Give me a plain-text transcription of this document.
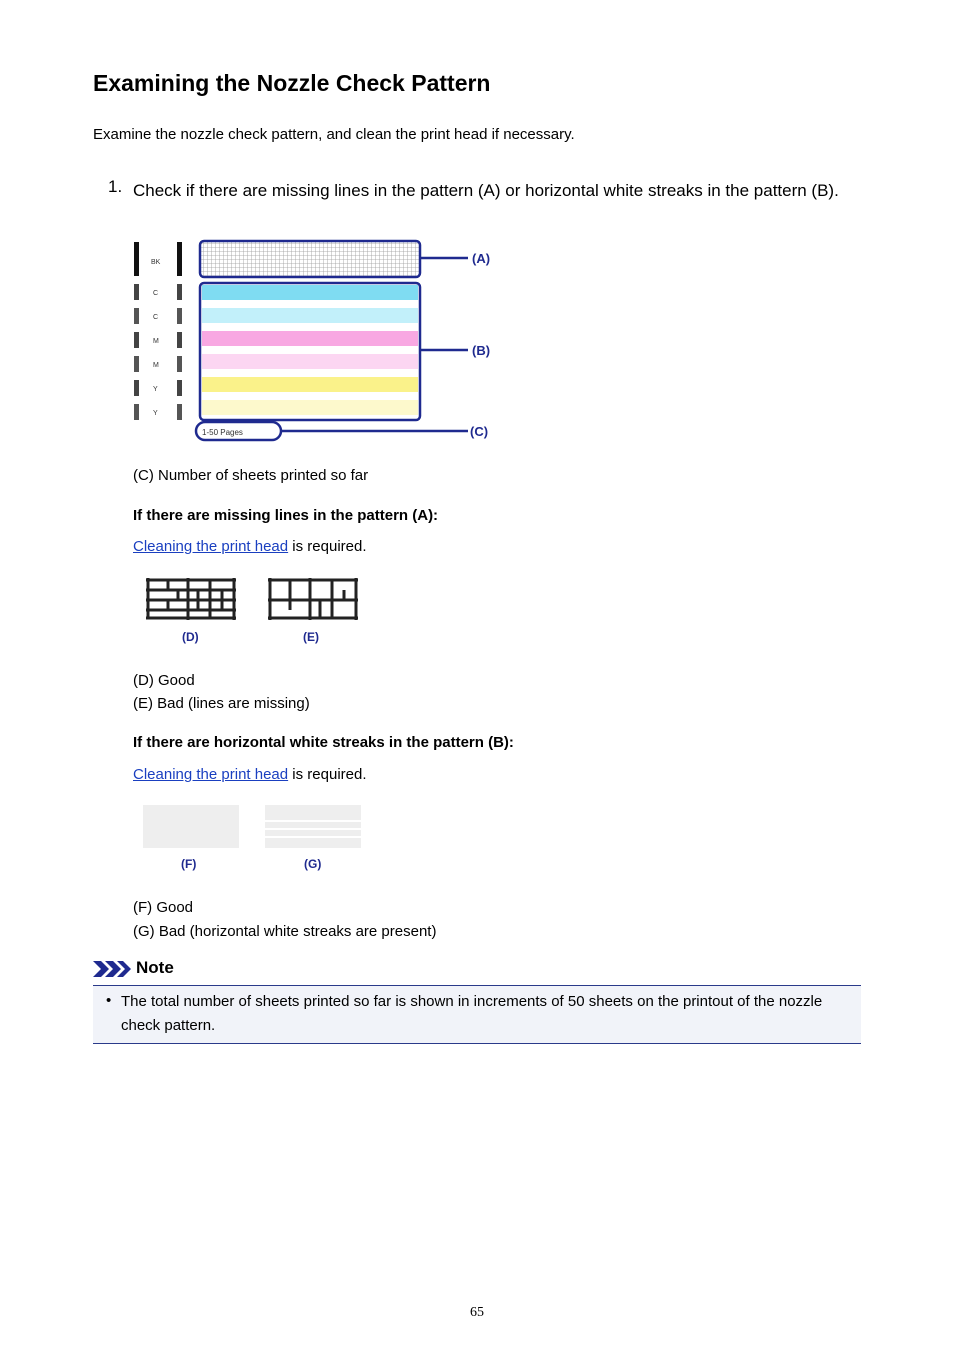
Examining the Nozzle Check Pattern
Examine the nozzle check pattern, and clean the print head if necessary.
1. Check if there are missing lines in the pattern (A) or horizontal white streaks in the pattern (B).
BK
C
C
M
M
Y
Y
1-50 Pages
(A)
(B)
(C)
(C) Number of sheets printed so far
If there are missing lines in the pattern (A):
Cleaning the print head is required.
(D)	(E)
(D) Good
(E) Bad (lines are missing)
If there are horizontal white streaks in the pattern (B):
Cleaning the print head is required.
(F)	(G)
(F) Good
(G) Bad (horizontal white streaks are present)
Note
• The total number of sheets printed so far is shown in increments of 50 sheets on the printout of the nozzle check pattern.
65
